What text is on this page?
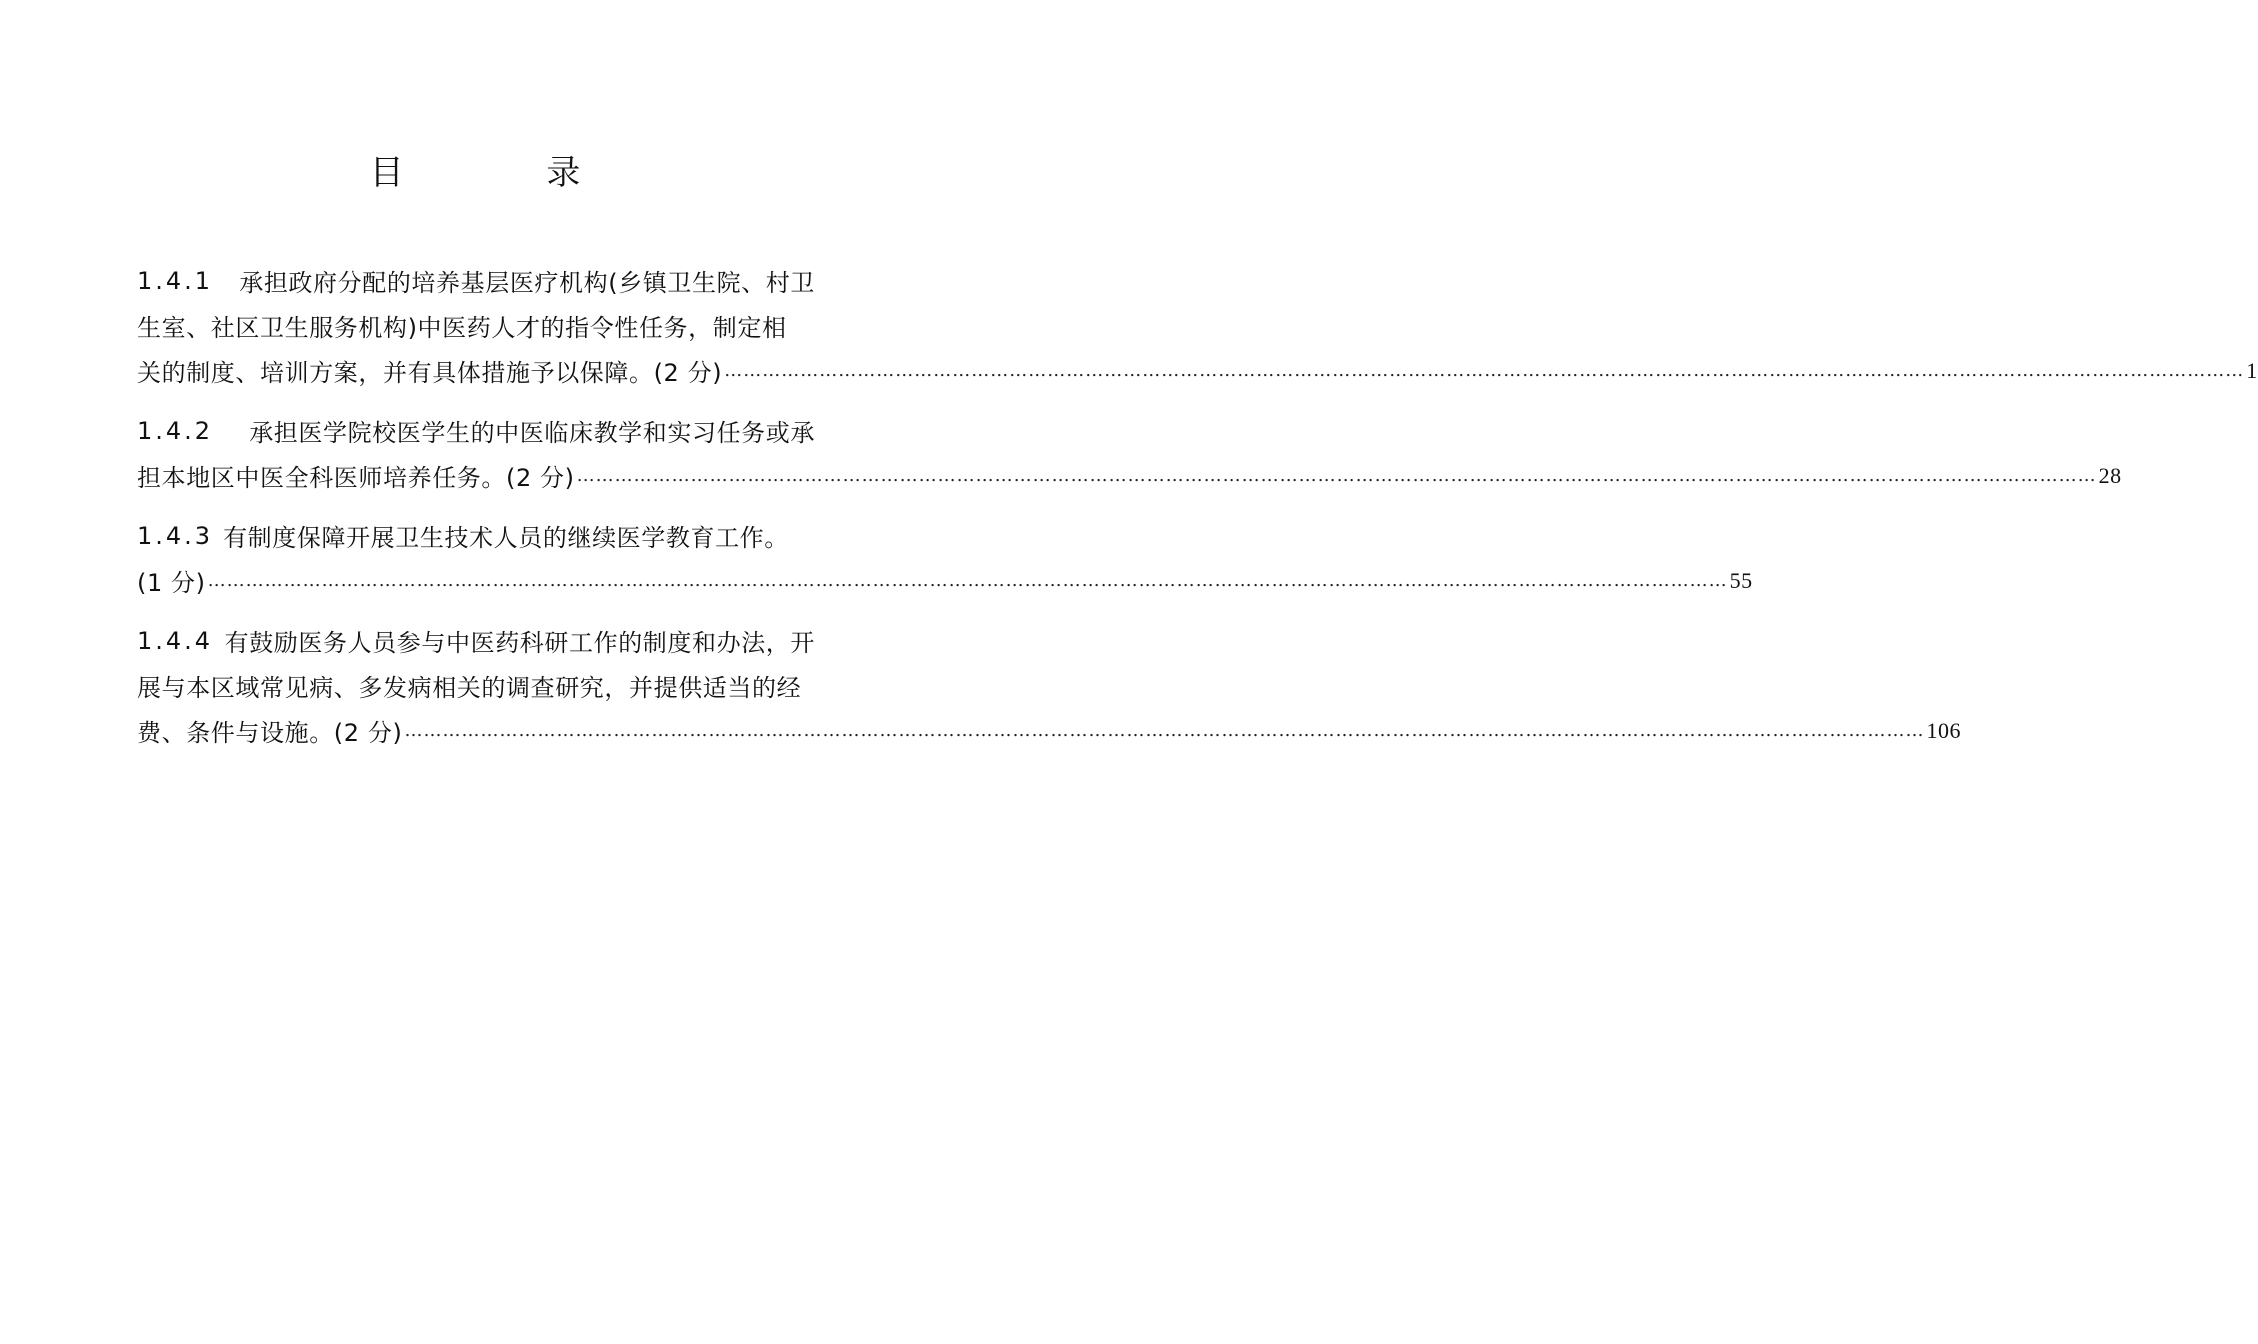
目 录
1.4.1 承担政府分配的培养基层医疗机构(乡镇卫生院、村卫
生室、社区卫生服务机构)中医药人才的指令性任务，制定相
关的制度、培训方案，并有具体措施予以保障。(2 分) …………………………………………………………………………………………………………………………………………………………………………………………………………………… 1
1.4.2 承担医学院校医学生的中医临床教学和实习任务或承
担本地区中医全科医师培养任务。(2 分) …………………………………………………………………………………………………………………………………………………………………………………………………………………… 28
1.4.3 有制度保障开展卫生技术人员的继续医学教育工作。
(1 分) …………………………………………………………………………………………………………………………………………………………………………………………………………………… 55
1.4.4 有鼓励医务人员参与中医药科研工作的制度和办法，开
展与本区域常见病、多发病相关的调查研究，并提供适当的经
费、条件与设施。(2 分) …………………………………………………………………………………………………………………………………………………………………………………………………………………… 106
